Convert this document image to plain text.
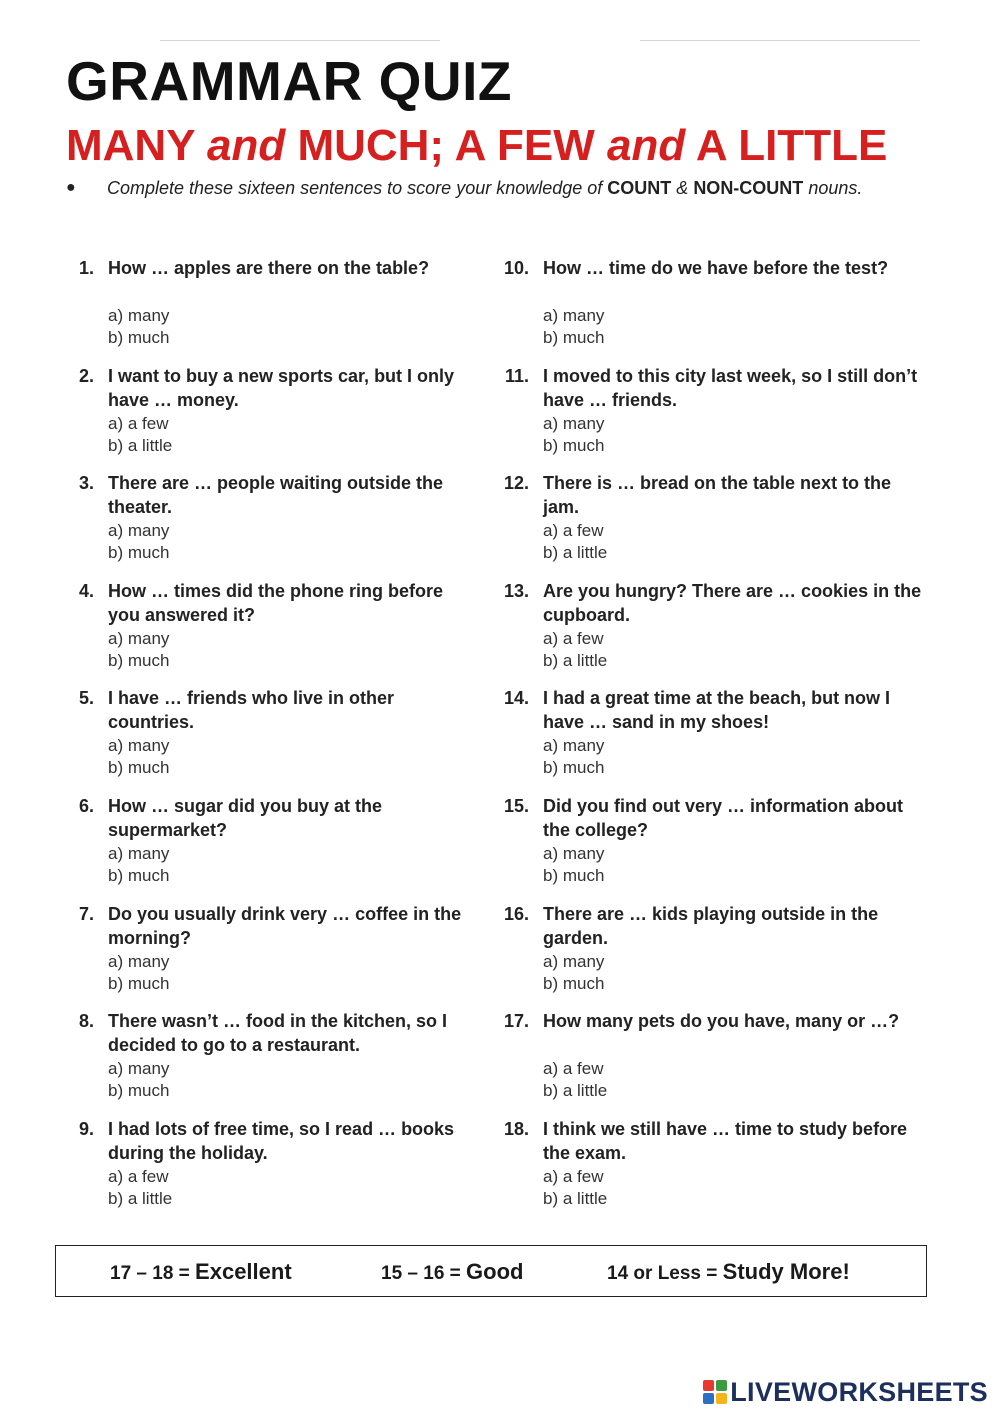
GRAMMAR QUIZ
MANY and MUCH; A FEW and A LITTLE
● Complete these sixteen sentences to score your knowledge of COUNT & NON-COUNT nouns.
1. How … apples are there on the table?
a) many
b) much
2. I want to buy a new sports car, but I only have … money.
a) a few
b) a little
3. There are … people waiting outside the theater.
a) many
b) much
4. How … times did the phone ring before you answered it?
a) many
b) much
5. I have … friends who live in other countries.
a) many
b) much
6. How … sugar did you buy at the supermarket?
a) many
b) much
7. Do you usually drink very … coffee in the morning?
a) many
b) much
8. There wasn’t … food in the kitchen, so I decided to go to a restaurant.
a) many
b) much
9. I had lots of free time, so I read … books during the holiday.
a) a few
b) a little
10. How … time do we have before the test?
a) many
b) much
11. I moved to this city last week, so I still don’t have … friends.
a) many
b) much
12. There is … bread on the table next to the jam.
a) a few
b) a little
13. Are you hungry? There are … cookies in the cupboard.
a) a few
b) a little
14. I had a great time at the beach, but now I have … sand in my shoes!
a) many
b) much
15. Did you find out very … information about the college?
a) many
b) much
16. There are … kids playing outside in the garden.
a) many
b) much
17. How many pets do you have, many or …?
a) a few
b) a little
18. I think we still have … time to study before the exam.
a) a few
b) a little
17 – 18 = Excellent	15 – 16 = Good	14 or Less = Study More!
LIVEWORKSHEETS
